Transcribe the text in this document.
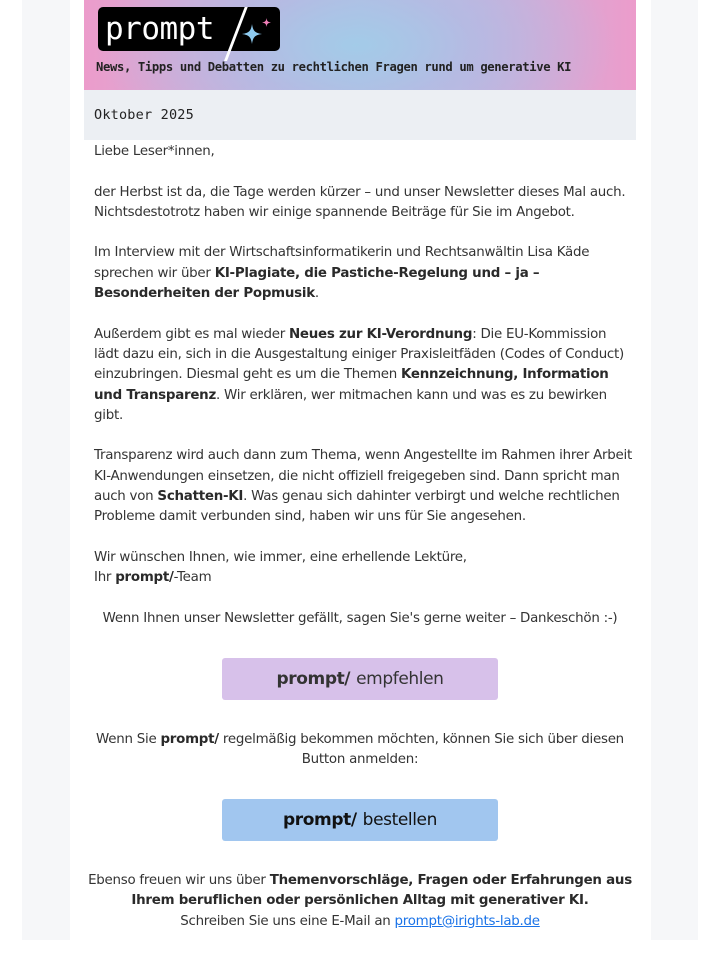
prompt
News, Tipps und Debatten zu rechtlichen Fragen rund um generative KI
Oktober 2025

Liebe Leser*innen,

der Herbst ist da, die Tage werden kürzer – und unser Newsletter dieses Mal auch. Nichtsdestotrotz haben wir einige spannende Beiträge für Sie im Angebot.

Im Interview mit der Wirtschaftsinformatikerin und Rechtsanwältin Lisa Käde sprechen wir über KI-Plagiate, die Pastiche-Regelung und – ja – Besonderheiten der Popmusik.

Außerdem gibt es mal wieder Neues zur KI-Verordnung: Die EU-Kommission lädt dazu ein, sich in die Ausgestaltung einiger Praxisleitfäden (Codes of Conduct) einzubringen. Diesmal geht es um die Themen Kennzeichnung, Information und Transparenz. Wir erklären, wer mitmachen kann und was es zu bewirken gibt.

Transparenz wird auch dann zum Thema, wenn Angestellte im Rahmen ihrer Arbeit KI-Anwendungen einsetzen, die nicht offiziell freigegeben sind. Dann spricht man auch von Schatten-KI. Was genau sich dahinter verbirgt und welche rechtlichen Probleme damit verbunden sind, haben wir uns für Sie angesehen.

Wir wünschen Ihnen, wie immer, eine erhellende Lektüre,
Ihr prompt/-Team

Wenn Ihnen unser Newsletter gefällt, sagen Sie's gerne weiter – Dankeschön :-)
prompt/ empfehlen
Wenn Sie prompt/ regelmäßig bekommen möchten, können Sie sich über diesen Button anmelden:
prompt/ bestellen
Ebenso freuen wir uns über Themenvorschläge, Fragen oder Erfahrungen aus Ihrem beruflichen oder persönlichen Alltag mit generativer KI.
Schreiben Sie uns eine E-Mail an prompt@irights-lab.de
